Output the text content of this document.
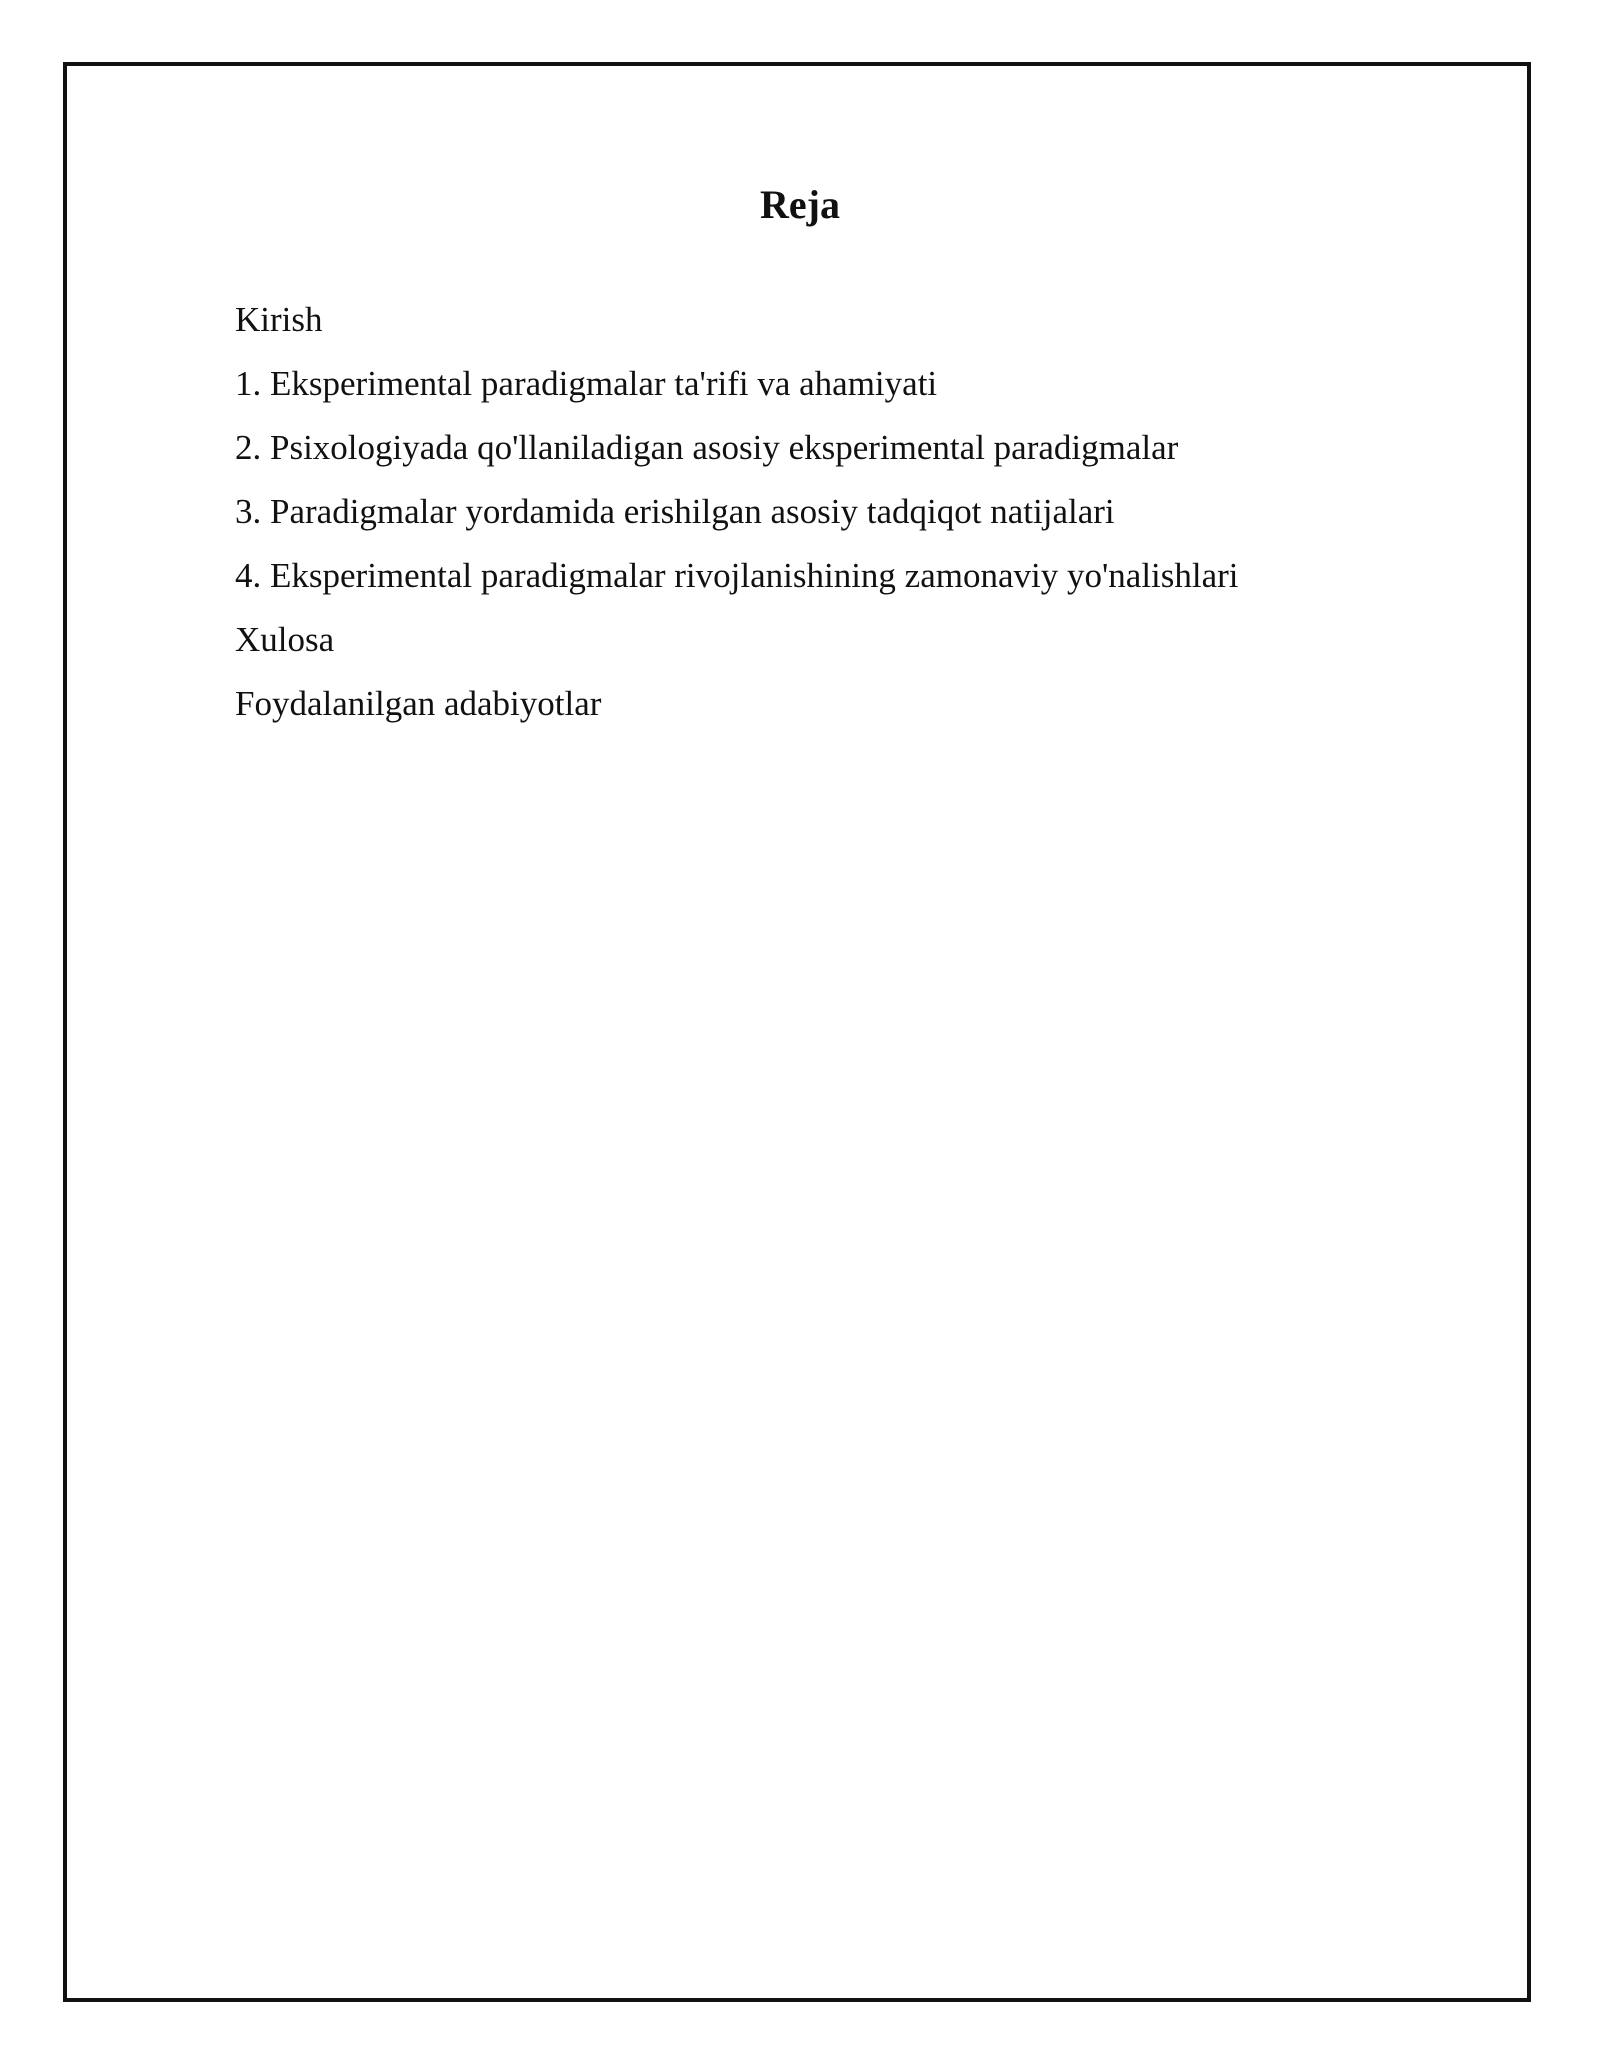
Reja
Kirish
1. Eksperimental paradigmalar ta'rifi va ahamiyati
2. Psixologiyada qo'llaniladigan asosiy eksperimental paradigmalar
3. Paradigmalar yordamida erishilgan asosiy tadqiqot natijalari
4. Eksperimental paradigmalar rivojlanishining zamonaviy yo'nalishlari
Xulosa
Foydalanilgan adabiyotlar
